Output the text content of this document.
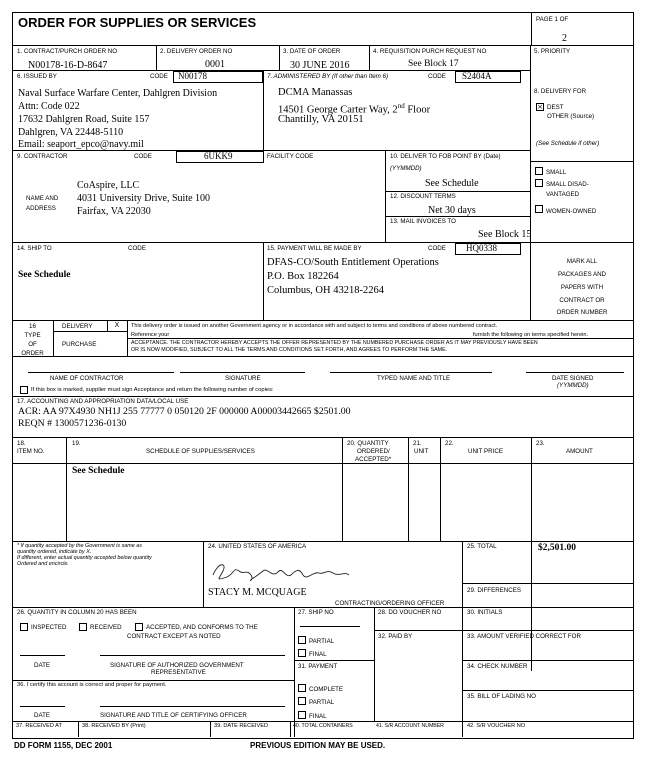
ORDER FOR SUPPLIES OR SERVICES	PAGE 1 OF
2
1. CONTRACT/PURCH ORDER NO
N00178-16-D-8647
2. DELIVERY ORDER NO
0001
3. DATE OF ORDER
30 JUNE 2016
4. REQUISITION PURCH REQUEST NO
See Block 17
5. PRIORITY
6. ISSUED BY	CODE N00178
Naval Surface Warfare Center, Dahlgren Division
Attn: Code 022
17632 Dahlgren Road, Suite 157
Dahlgren, VA 22448-5110
Email: seaport_epco@navy.mil
7. ADMINISTERED BY (If other than Item 6)	CODE S2404A
DCMA Manassas
14501 George Carter Way, 2nd Floor
Chantilly, VA 20151
8. DELIVERY FOR
× DEST
OTHER (Source)
(See Schedule if other)
9. CONTRACTOR	CODE	6UKK9	FACILITY CODE
NAME AND
ADDRESS
CoAspire, LLC
4031 University Drive, Suite 100
Fairfax, VA 22030
10. DELIVER TO FOB POINT BY (Date)
(YYMMDD)
See Schedule
12. DISCOUNT TERMS
Net 30 days
13. MAIL INVOICES TO
See Block 15
SMALL
SMALL DISAD-
VANTAGED
WOMEN-OWNED
14. SHIP TO	CODE
See Schedule
15. PAYMENT WILL BE MADE BY	CODE HQ0338
DFAS-CO/South Entitlement Operations
P.O. Box 182264
Columbus, OH 43218-2264
MARK ALL
PACKAGES AND
PAPERS WITH
CONTRACT OR
ORDER NUMBER
16
TYPE
OF
ORDER
DELIVERY	X	This delivery order is issued on another Government agency or in accordance with and subject to terms and conditions of above numbered contract.
Reference your	furnish the following on terms specified herein.
PURCHASE	ACCEPTANCE. THE CONTRACTOR HEREBY ACCEPTS THE OFFER REPRESENTED BY THE NUMBERED PURCHASE ORDER AS IT MAY PREVIOUSLY HAVE BEEN
OR IS NOW MODIFIED, SUBJECT TO ALL THE TERMS AND CONDITIONS SET FORTH, AND AGREES TO PERFORM THE SAME.
NAME OF CONTRACTOR	SIGNATURE	TYPED NAME AND TITLE	DATE SIGNED
(YYMMDD)
If this box is marked, supplier must sign Acceptance and return the following number of copies:
17. ACCOUNTING AND APPROPRIATION DATA/LOCAL USE
ACR: AA 97X4930 NH1J 255 77777 0 050120 2F 000000 A00003442665 $2501.00
REQN # 1300571236-0130
18.
ITEM NO.
19.
SCHEDULE OF SUPPLIES/SERVICES
20. QUANTITY
ORDERED/
ACCEPTED*
21.
UNIT
22.
UNIT PRICE
23.
AMOUNT
See Schedule
* If quantity accepted by the Government is same as
quantity ordered, indicate by X.
If different, enter actual quantity accepted below quantity
Ordered and encircle.
24. UNITED STATES OF AMERICA
STACY M. MCQUAGE
CONTRACTING/ORDERING OFFICER
25. TOTAL	$2,501.00
29. DIFFERENCES
26. QUANTITY IN COLUMN 20 HAS BEEN
INSPECTED	RECEIVED	ACCEPTED, AND CONFORMS TO THE
CONTRACT EXCEPT AS NOTED
DATE	SIGNATURE OF AUTHORIZED GOVERNMENT
REPRESENTATIVE
27. SHIP NO
PARTIAL
FINAL
28. DO VOUCHER NO	30. INITIALS
32. PAID BY	33. AMOUNT VERIFIED CORRECT FOR
31. PAYMENT
COMPLETE
PARTIAL
FINAL
34. CHECK NUMBER
36. I certify this account is correct and proper for payment.
35. BILL OF LADING NO
DATE	SIGNATURE AND TITLE OF CERTIFYING OFFICER
37. RECEIVED AT	38. RECEIVED BY (Print)	39. DATE RECEIVED	40. TOTAL CONTAINERS	41. S/R ACCOUNT NUMBER	42. S/R VOUCHER NO
DD FORM 1155, DEC 2001	PREVIOUS EDITION MAY BE USED.
